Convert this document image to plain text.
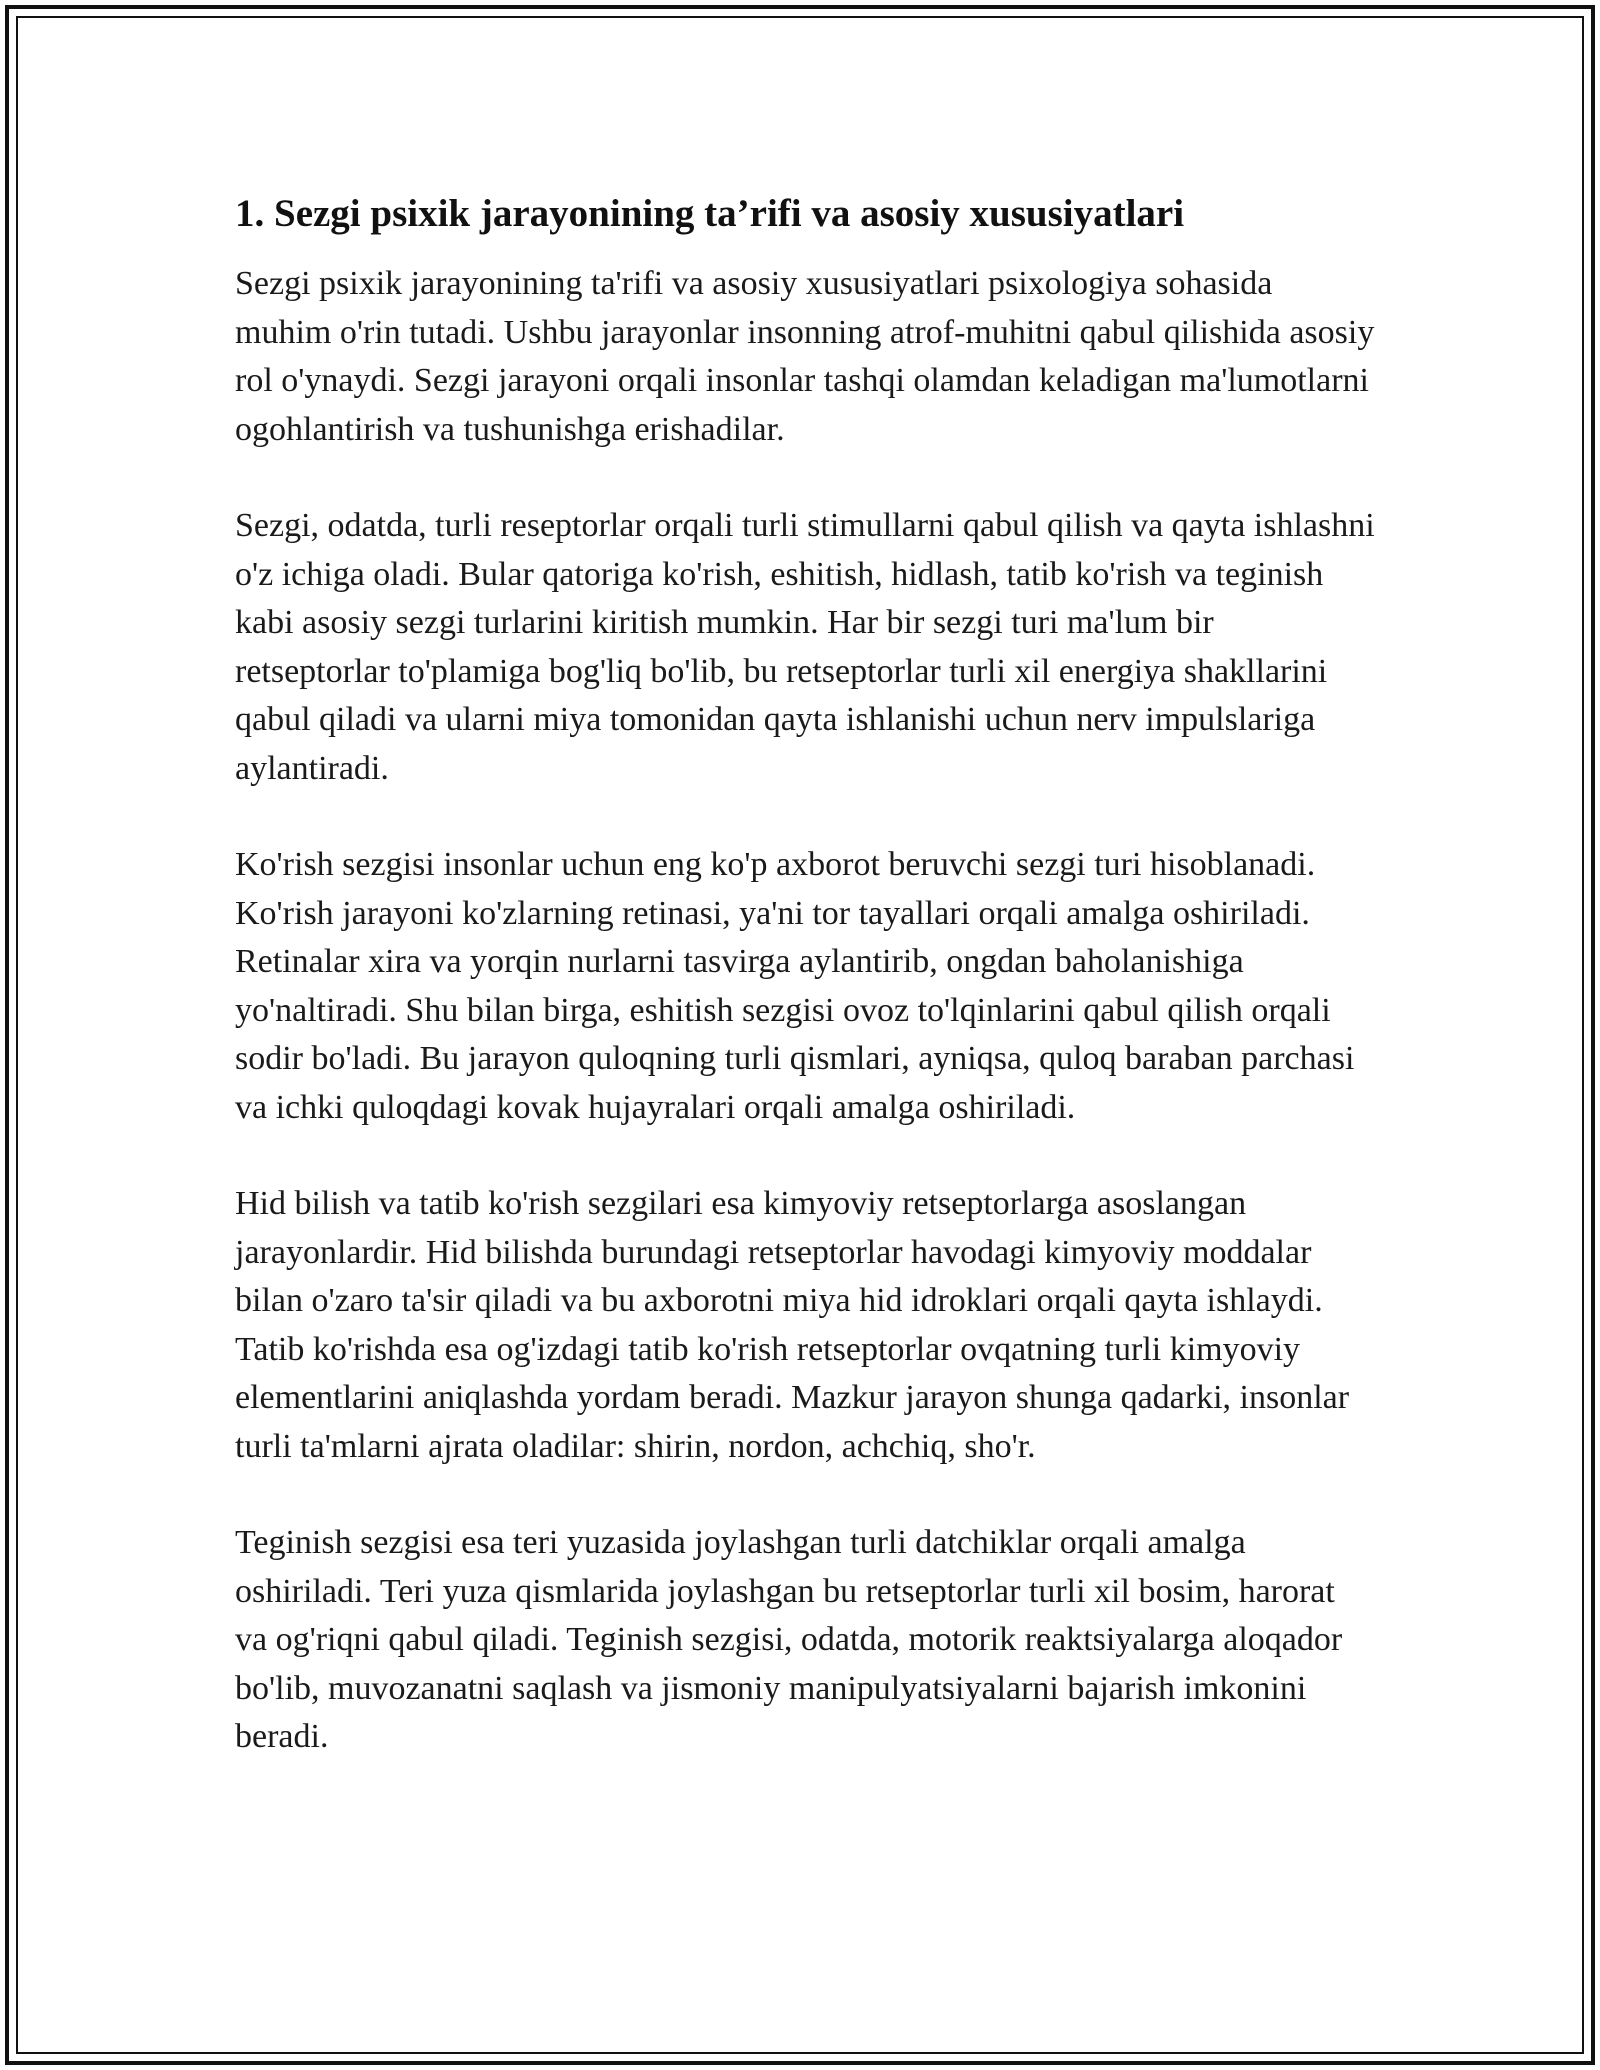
1. Sezgi psixik jarayonining ta’rifi va asosiy xususiyatlari

Sezgi psixik jarayonining ta'rifi va asosiy xususiyatlari psixologiya sohasida muhim o'rin tutadi. Ushbu jarayonlar insonning atrof-muhitni qabul qilishida asosiy rol o'ynaydi. Sezgi jarayoni orqali insonlar tashqi olamdan keladigan ma'lumotlarni ogohlantirish va tushunishga erishadilar.

Sezgi, odatda, turli reseptorlar orqali turli stimullarni qabul qilish va qayta ishlashni o'z ichiga oladi. Bular qatoriga ko'rish, eshitish, hidlash, tatib ko'rish va teginish kabi asosiy sezgi turlarini kiritish mumkin. Har bir sezgi turi ma'lum bir retseptorlar to'plamiga bog'liq bo'lib, bu retseptorlar turli xil energiya shakllarini qabul qiladi va ularni miya tomonidan qayta ishlanishi uchun nerv impulslariga aylantiradi.

Ko'rish sezgisi insonlar uchun eng ko'p axborot beruvchi sezgi turi hisoblanadi. Ko'rish jarayoni ko'zlarning retinasi, ya'ni tor tayallari orqali amalga oshiriladi. Retinalar xira va yorqin nurlarni tasvirga aylantirib, ongdan baholanishiga yo'naltiradi. Shu bilan birga, eshitish sezgisi ovoz to'lqinlarini qabul qilish orqali sodir bo'ladi. Bu jarayon quloqning turli qismlari, ayniqsa, quloq baraban parchasi va ichki quloqdagi kovak hujayralari orqali amalga oshiriladi.

Hid bilish va tatib ko'rish sezgilari esa kimyoviy retseptorlarga asoslangan jarayonlardir. Hid bilishda burundagi retseptorlar havodagi kimyoviy moddalar bilan o'zaro ta'sir qiladi va bu axborotni miya hid idroklari orqali qayta ishlaydi. Tatib ko'rishda esa og'izdagi tatib ko'rish retseptorlar ovqatning turli kimyoviy elementlarini aniqlashda yordam beradi. Mazkur jarayon shunga qadarki, insonlar turli ta'mlarni ajrata oladilar: shirin, nordon, achchiq, sho'r.

Teginish sezgisi esa teri yuzasida joylashgan turli datchiklar orqali amalga oshiriladi. Teri yuza qismlarida joylashgan bu retseptorlar turli xil bosim, harorat va og'riqni qabul qiladi. Teginish sezgisi, odatda, motorik reaktsiyalarga aloqador bo'lib, muvozanatni saqlash va jismoniy manipulyatsiyalarni bajarish imkonini beradi.
